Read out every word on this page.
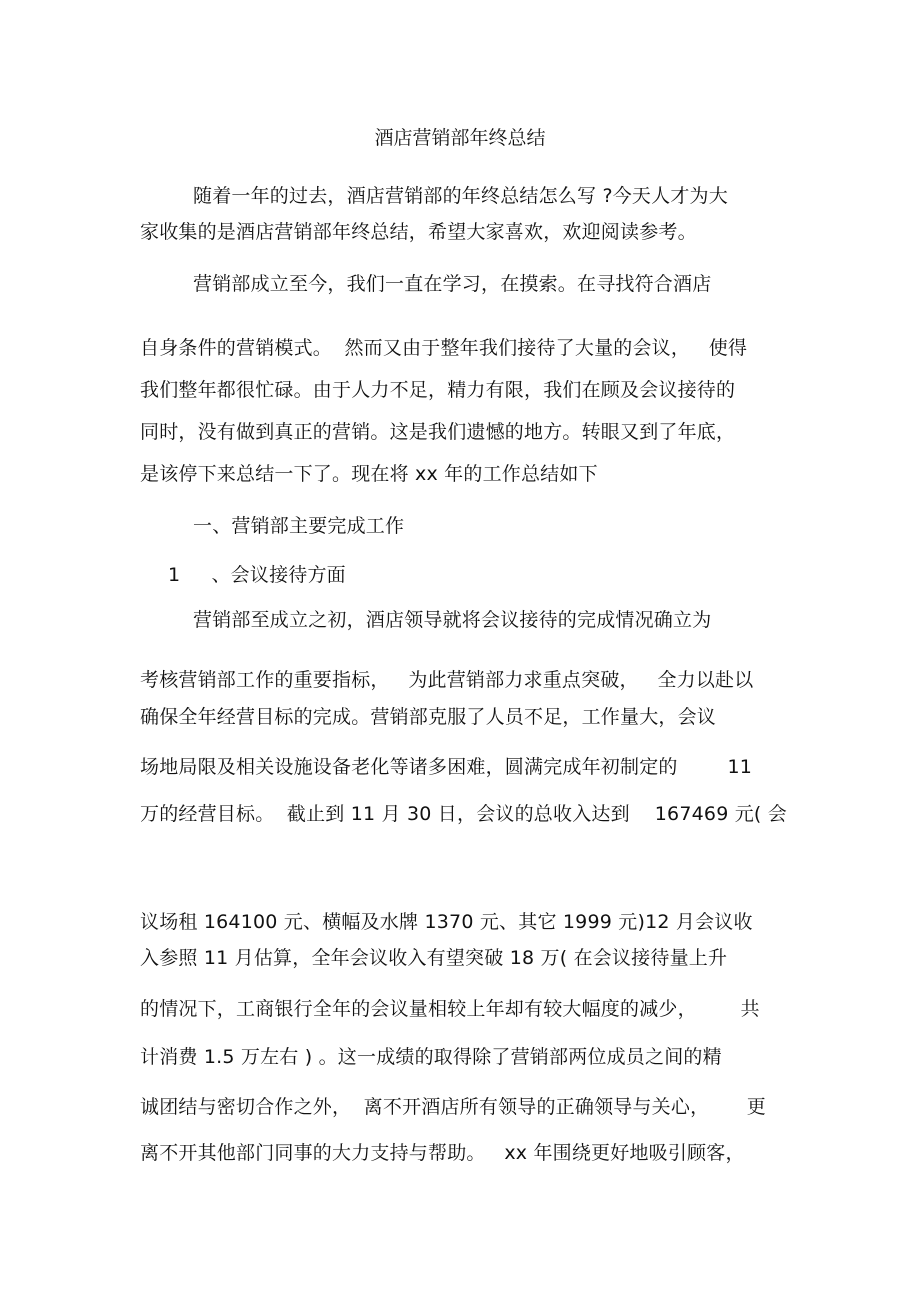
酒店营销部年终总结
随着一年的过去，酒店营销部的年终总结怎么写 ?今天人才为大
家收集的是酒店营销部年终总结，希望大家喜欢，欢迎阅读参考。
营销部成立至今，我们一直在学习，在摸索。在寻找符合酒店
自身条件的营销模式。  然而又由于整年我们接待了大量的会议，   使得
我们整年都很忙碌。由于人力不足，精力有限，我们在顾及会议接待的
同时，没有做到真正的营销。这是我们遗憾的地方。转眼又到了年底，
是该停下来总结一下了。现在将 xx 年的工作总结如下
一、营销部主要完成工作
1     、会议接待方面
营销部至成立之初，酒店领导就将会议接待的完成情况确立为
考核营销部工作的重要指标，   为此营销部力求重点突破，   全力以赴以
确保全年经营目标的完成。营销部克服了人员不足，工作量大，会议
场地局限及相关设施设备老化等诸多困难，圆满完成年初制定的        11
万的经营目标。  截止到 11 月 30 日，会议的总收入达到    167469 元( 会
议场租 164100 元、横幅及水牌 1370 元、其它 1999 元)12 月会议收
入参照 11 月估算，全年会议收入有望突破 18 万( 在会议接待量上升
的情况下，工商银行全年的会议量相较上年却有较大幅度的减少，       共
计消费 1.5 万左右 ) 。这一成绩的取得除了营销部两位成员之间的精
诚团结与密切合作之外，  离不开酒店所有领导的正确领导与关心，      更
离不开其他部门同事的大力支持与帮助。   xx 年围绕更好地吸引顾客，
